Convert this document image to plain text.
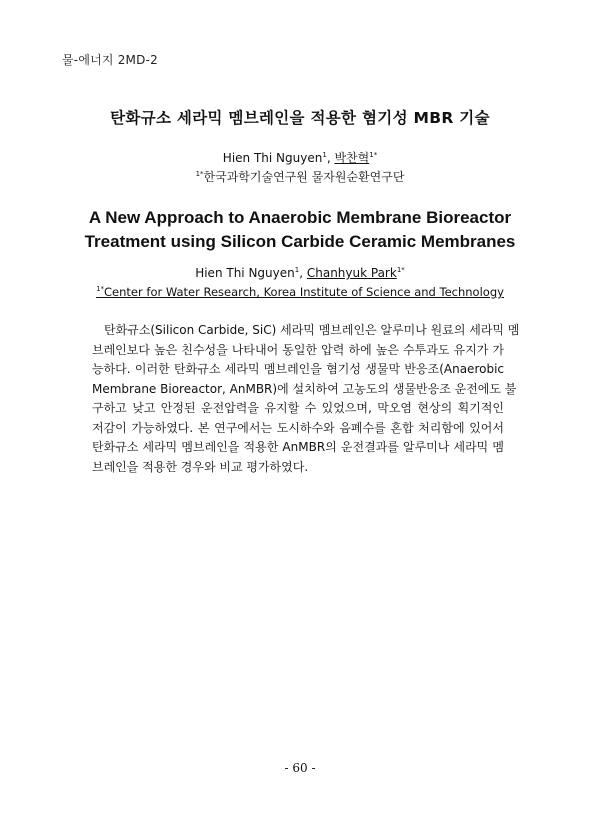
물-에너지 2MD-2
탄화규소 세라믹 멤브레인을 적용한 혐기성 MBR 기술
Hien Thi Nguyen$^1$, 박찬혁$^{1*}$
$^{1*}$한국과학기술연구원 물자원순환연구단
A New Approach to Anaerobic Membrane Bioreactor
Treatment using Silicon Carbide Ceramic Membranes
Hien Thi Nguyen$^1$, Chanhyuk Park$^{1*}$
$^{1*}$Center for Water Research, Korea Institute of Science and Technology
탄화규소(Silicon Carbide, SiC) 세라믹 멤브레인은 알루미나 원료의 세라믹 멤
브레인보다 높은 친수성을 나타내어 동일한 압력 하에 높은 수투과도 유지가 가
능하다. 이러한 탄화규소 세라믹 멤브레인을 혐기성 생물막 반응조(Anaerobic
Membrane Bioreactor, AnMBR)에 설치하여 고농도의 생물반응조 운전에도 불
구하고 낮고 안정된 운전압력을 유지할 수 있었으며, 막오염 현상의 획기적인
저감이 가능하였다. 본 연구에서는 도시하수와 음폐수를 혼합 처리함에 있어서
탄화규소 세라믹 멤브레인을 적용한 AnMBR의 운전결과를 알루미나 세라믹 멤
브레인을 적용한 경우와 비교 평가하였다.
- 60 -
